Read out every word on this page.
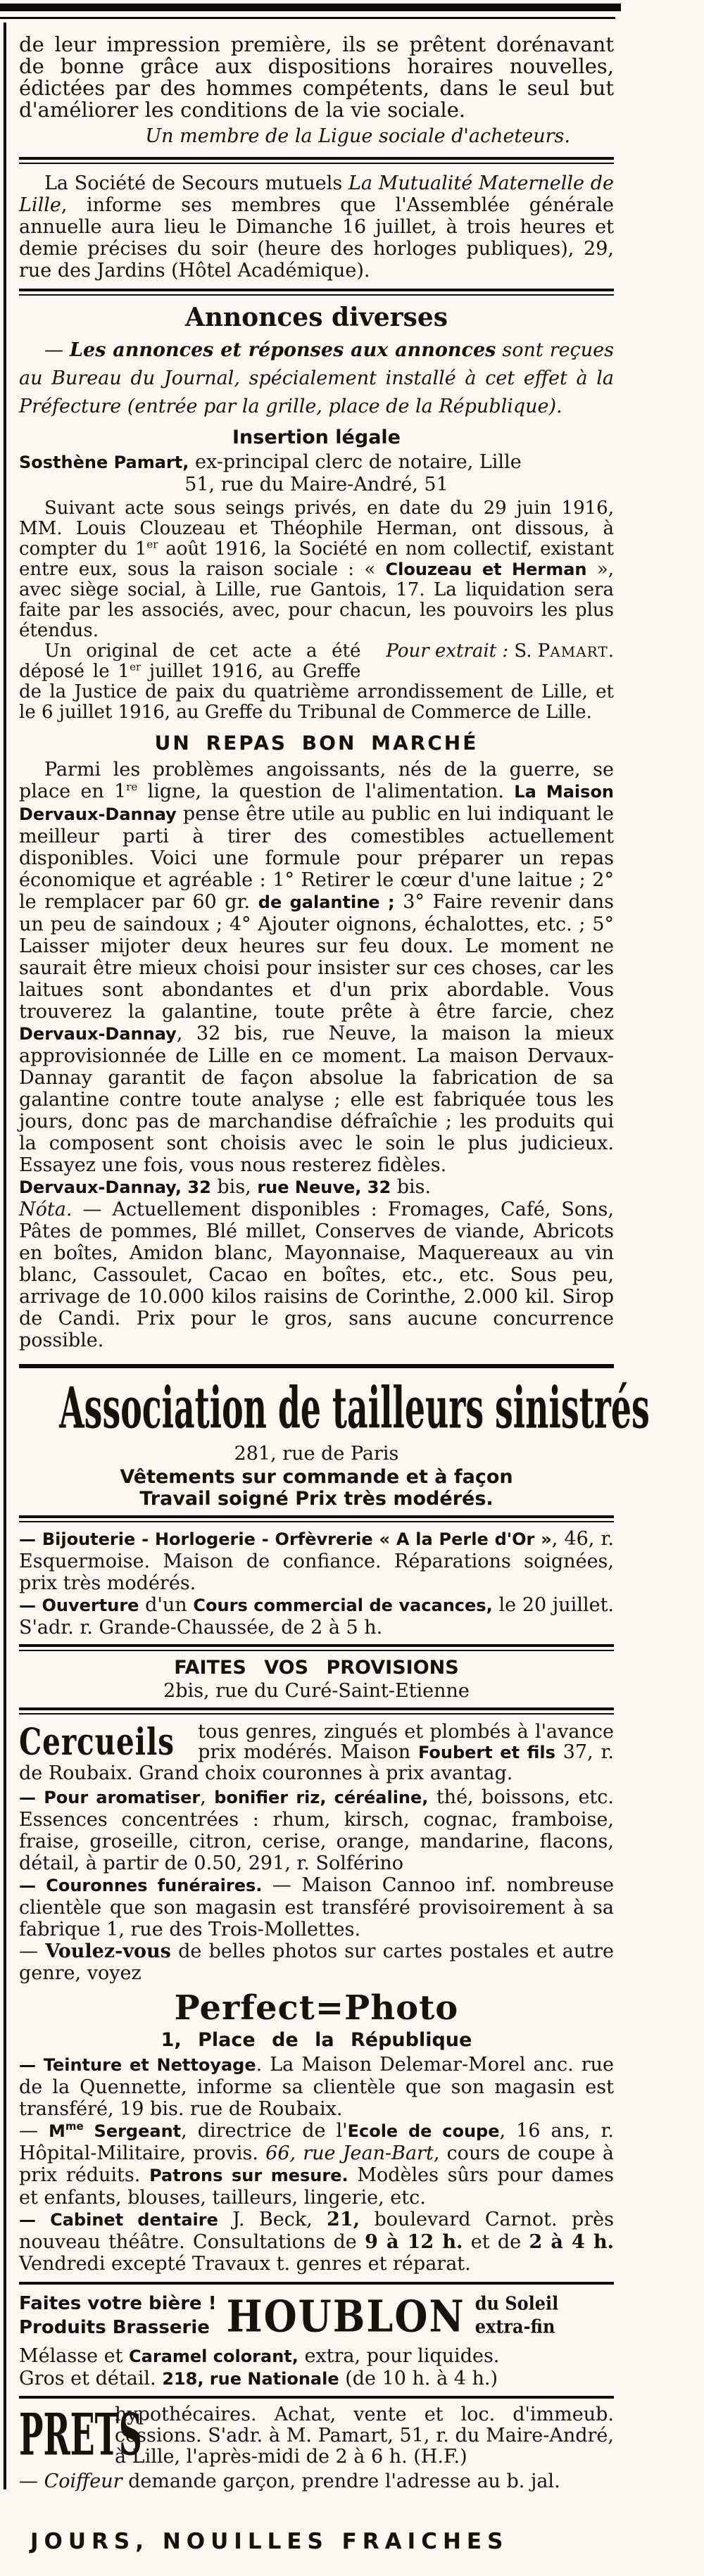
de leur impression première, ils se prêtent dorénavant de bonne grâce aux dispositions horaires nouvelles, édictées par des hommes compétents, dans le seul but d'améliorer les conditions de la vie sociale.

Un membre de la Ligue sociale d'acheteurs.

La Société de Secours mutuels La Mutualité Maternelle de Lille, informe ses membres que l'Assemblée générale annuelle aura lieu le Dimanche 16 juillet, à trois heures et demie précises du soir (heure des horloges publiques), 29, rue des Jardins (Hôtel Académique).

Annonces diverses

— Les annonces et réponses aux annonces sont reçues au Bureau du Journal, spécialement installé à cet effet à la Préfecture (entrée par la grille, place de la République).

Insertion légale

Sosthène Pamart, ex-principal clerc de notaire, Lille

51, rue du Maire-André, 51

Suivant acte sous seings privés, en date du 29 juin 1916, MM. Louis Clouzeau et Théophile Herman, ont dissous, à compter du 1er août 1916, la Société en nom collectif, existant entre eux, sous la raison sociale : « Clouzeau et Herman », avec siège social, à Lille, rue Gantois, 17. La liquidation sera faite par les associés, avec, pour chacun, les pouvoirs les plus étendus.

Pour extrait : S. PAMART.
Un original de cet acte a été déposé le 1er juillet 1916, au Greffe de la Justice de paix du quatrième arrondissement de Lille, et le 6 juillet 1916, au Greffe du Tribunal de Commerce de Lille.

UN REPAS BON MARCHÉ

Parmi les problèmes angoissants, nés de la guerre, se place en 1re ligne, la question de l'alimentation. La Maison Dervaux-Dannay pense être utile au public en lui indiquant le meilleur parti à tirer des comestibles actuellement disponibles. Voici une formule pour préparer un repas économique et agréable : 1° Retirer le cœur d'une laitue ; 2° le remplacer par 60 gr. de galantine ; 3° Faire revenir dans un peu de saindoux ; 4° Ajouter oignons, échalottes, etc. ; 5° Laisser mijoter deux heures sur feu doux. Le moment ne saurait être mieux choisi pour insister sur ces choses, car les laitues sont abondantes et d'un prix abordable. Vous trouverez la galantine, toute prête à être farcie, chez Dervaux-Dannay, 32 bis, rue Neuve, la maison la mieux approvisionnée de Lille en ce moment. La maison Dervaux-Dannay garantit de façon absolue la fabrication de sa galantine contre toute analyse ; elle est fabriquée tous les jours, donc pas de marchandise défraîchie ; les produits qui la composent sont choisis avec le soin le plus judicieux. Essayez une fois, vous nous resterez fidèles.

Dervaux-Dannay, 32 bis, rue Neuve, 32 bis.

Nóta. — Actuellement disponibles : Fromages, Café, Sons, Pâtes de pommes, Blé millet, Conserves de viande, Abricots en boîtes, Amidon blanc, Mayonnaise, Maquereaux au vin blanc, Cassoulet, Cacao en boîtes, etc., etc. Sous peu, arrivage de 10.000 kilos raisins de Corinthe, 2.000 kil. Sirop de Candi. Prix pour le gros, sans aucune concurrence possible.

Association de tailleurs sinistrés

281, rue de Paris

Vêtements sur commande et à façon
Travail soigné Prix très modérés.

— Bijouterie - Horlogerie - Orfèvrerie « A la Perle d'Or », 46, r. Esquermoise. Maison de confiance. Réparations soignées, prix très modérés.

— Ouverture d'un Cours commercial de vacances, le 20 juillet. S'adr. r. Grande-Chaussée, de 2 à 5 h.

FAITES VOS PROVISIONS

2bis, rue du Curé-Saint-Etienne

Cercueils	tous genres, zingués et plombés à l'avance prix modérés. Maison Foubert et fils 37, r. de Roubaix. Grand choix couronnes à prix avantag.

— Pour aromatiser, bonifier riz, céréaline, thé, boissons, etc. Essences concentrées : rhum, kirsch, cognac, framboise, fraise, groseille, citron, cerise, orange, mandarine, flacons, détail, à partir de 0.50, 291, r. Solférino

— Couronnes funéraires. — Maison Cannoo inf. nombreuse clientèle que son magasin est transféré provisoirement à sa fabrique 1, rue des Trois-Mollettes.

— Voulez-vous de belles photos sur cartes postales et autre genre, voyez

Perfect=Photo
1, Place de la République

— Teinture et Nettoyage. La Maison Delemar-Morel anc. rue de la Quennette, informe sa clientèle que son magasin est transféré, 19 bis. rue de Roubaix.

— $M^{me}$ Sergeant, directrice de l'Ecole de coupe, 16 ans, r. Hôpital-Militaire, provis. 66, rue Jean-Bart, cours de coupe à prix réduits. Patrons sur mesure. Modèles sûrs pour dames et enfants, blouses, tailleurs, lingerie, etc.

— Cabinet dentaire J. Beck, 21, boulevard Carnot. près nouveau théâtre. Consultations de 9 à 12 h. et de 2 à 4 h. Vendredi excepté Travaux t. genres et réparat.

Faites votre bière !
Produits Brasserie HOUBLON du Soleil
extra-fin

Mélasse et Caramel colorant, extra, pour liquides.

Gros et détail. 218, rue Nationale (de 10 h. à 4 h.)

PRETS

hypothécaires. Achat, vente et loc. d'immeub. cessions. S'adr. à M. Pamart, 51, r. du Maire-André, à Lille, l'après-midi de 2 à 6 h. (H.F.)

— Coiffeur demande garçon, prendre l'adresse au b. jal.

JOURS, NOUILLES FRAICHES
